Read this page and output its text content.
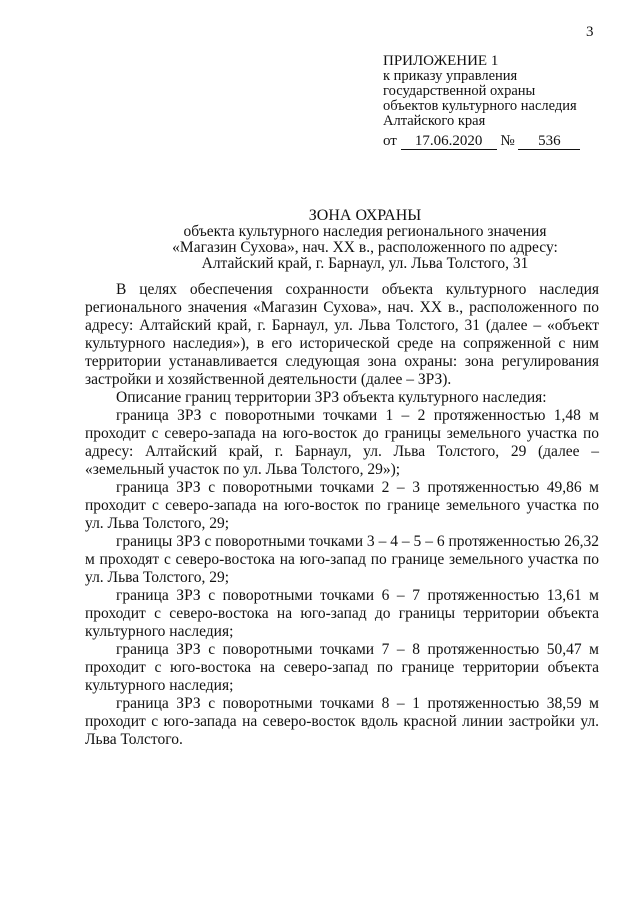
3
ПРИЛОЖЕНИЕ 1
к приказу управления
государственной охраны
объектов культурного наследия
Алтайского края
от 17.06.2020 № 536
ЗОНА ОХРАНЫ
объекта культурного наследия регионального значения
«Магазин Сухова», нач. XX в., расположенного по адресу:
Алтайский край, г. Барнаул, ул. Льва Толстого, 31

В целях обеспечения сохранности объекта культурного наследия регионального значения «Магазин Сухова», нач. XX в., расположенного по адресу: Алтайский край, г. Барнаул, ул. Льва Толстого, 31 (далее – «объект культурного наследия»), в его исторической среде на сопряженной с ним территории устанавливается следующая зона охраны: зона регулирования застройки и хозяйственной деятельности (далее – ЗРЗ).

Описание границ территории ЗРЗ объекта культурного наследия:

граница ЗРЗ с поворотными точками 1 – 2 протяженностью 1,48 м проходит с северо-запада на юго-восток до границы земельного участка по адресу: Алтайский край, г. Барнаул, ул. Льва Толстого, 29 (далее – «земельный участок по ул. Льва Толстого, 29»);

граница ЗРЗ с поворотными точками 2 – 3 протяженностью 49,86 м проходит с северо-запада на юго-восток по границе земельного участка по ул. Льва Толстого, 29;

границы ЗРЗ с поворотными точками 3 – 4 – 5 – 6 протяженностью 26,32 м проходят с северо-востока на юго-запад по границе земельного участка по ул. Льва Толстого, 29;

граница ЗРЗ с поворотными точками 6 – 7 протяженностью 13,61 м проходит с северо-востока на юго-запад до границы территории объекта культурного наследия;

граница ЗРЗ с поворотными точками 7 – 8 протяженностью 50,47 м проходит с юго-востока на северо-запад по границе территории объекта культурного наследия;

граница ЗРЗ с поворотными точками 8 – 1 протяженностью 38,59 м проходит с юго-запада на северо-восток вдоль красной линии застройки ул. Льва Толстого.
